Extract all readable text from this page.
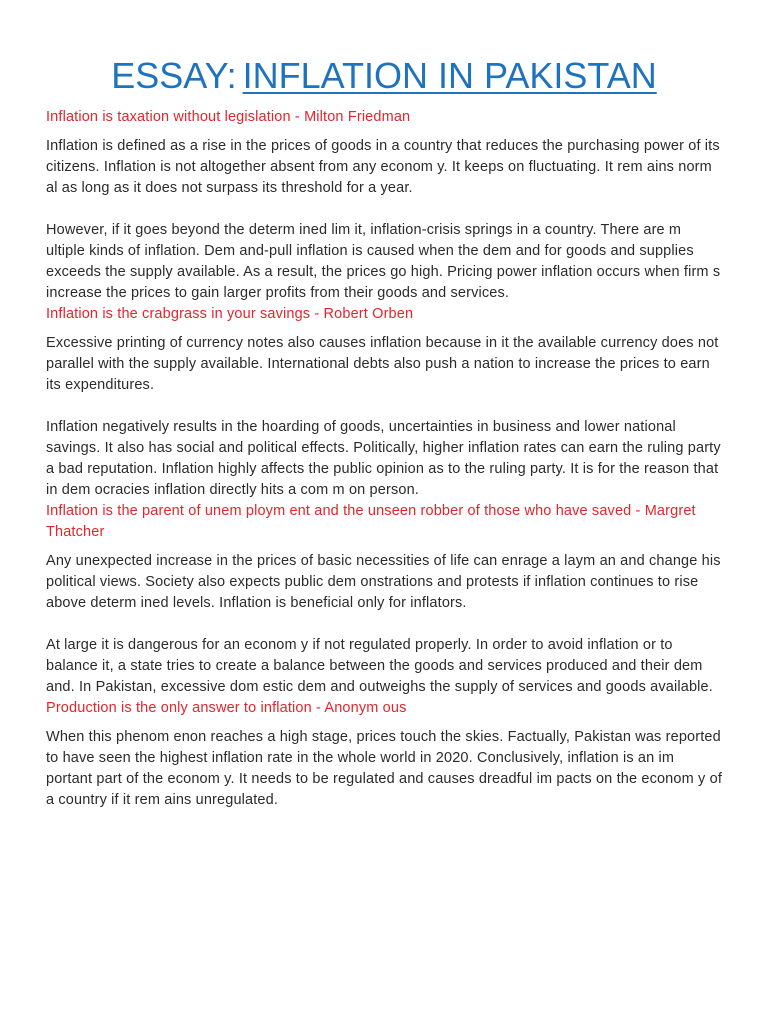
ESSAY: INFLATION IN PAKISTAN

Inflation is taxation without legislation - Milton Friedman

Inflation is defined as a rise in the prices of goods in a country that reduces the purchasing power of its citizens. Inflation is not altogether absent from any econom y. It keeps on fluctuating. It rem ains norm al as long as it does not surpass its threshold for a year.

However, if it goes beyond the determ ined lim it, inflation-crisis springs in a country. There are m ultiple kinds of inflation. Dem and-pull inflation is caused when the dem and for goods and supplies exceeds the supply available. As a result, the prices go high. Pricing power inflation occurs when firm s increase the prices to gain larger profits from their goods and services.

Inflation is the crabgrass in your savings - Robert Orben

Excessive printing of currency notes also causes inflation because in it the available currency does not parallel with the supply available. International debts also push a nation to increase the prices to earn its expenditures.

Inflation negatively results in the hoarding of goods, uncertainties in business and lower national savings. It also has social and political effects. Politically, higher inflation rates can earn the ruling party a bad reputation. Inflation highly affects the public opinion as to the ruling party. It is for the reason that in dem ocracies inflation directly hits a com m on person.

Inflation is the parent of unem ploym ent and the unseen robber of those who have saved - Margret Thatcher

Any unexpected increase in the prices of basic necessities of life can enrage a laym an and change his political views. Society also expects public dem onstrations and protests if inflation continues to rise above determ ined levels. Inflation is beneficial only for inflators.

At large it is dangerous for an econom y if not regulated properly. In order to avoid inflation or to balance it, a state tries to create a balance between the goods and services produced and their dem and. In Pakistan, excessive dom estic dem and outweighs the supply of services and goods available.

Production is the only answer to inflation - Anonym ous

When this phenom enon reaches a high stage, prices touch the skies. Factually, Pakistan was reported to have seen the highest inflation rate in the whole world in 2020. Conclusively, inflation is an im portant part of the econom y. It needs to be regulated and causes dreadful im pacts on the econom y of a country if it rem ains unregulated.
